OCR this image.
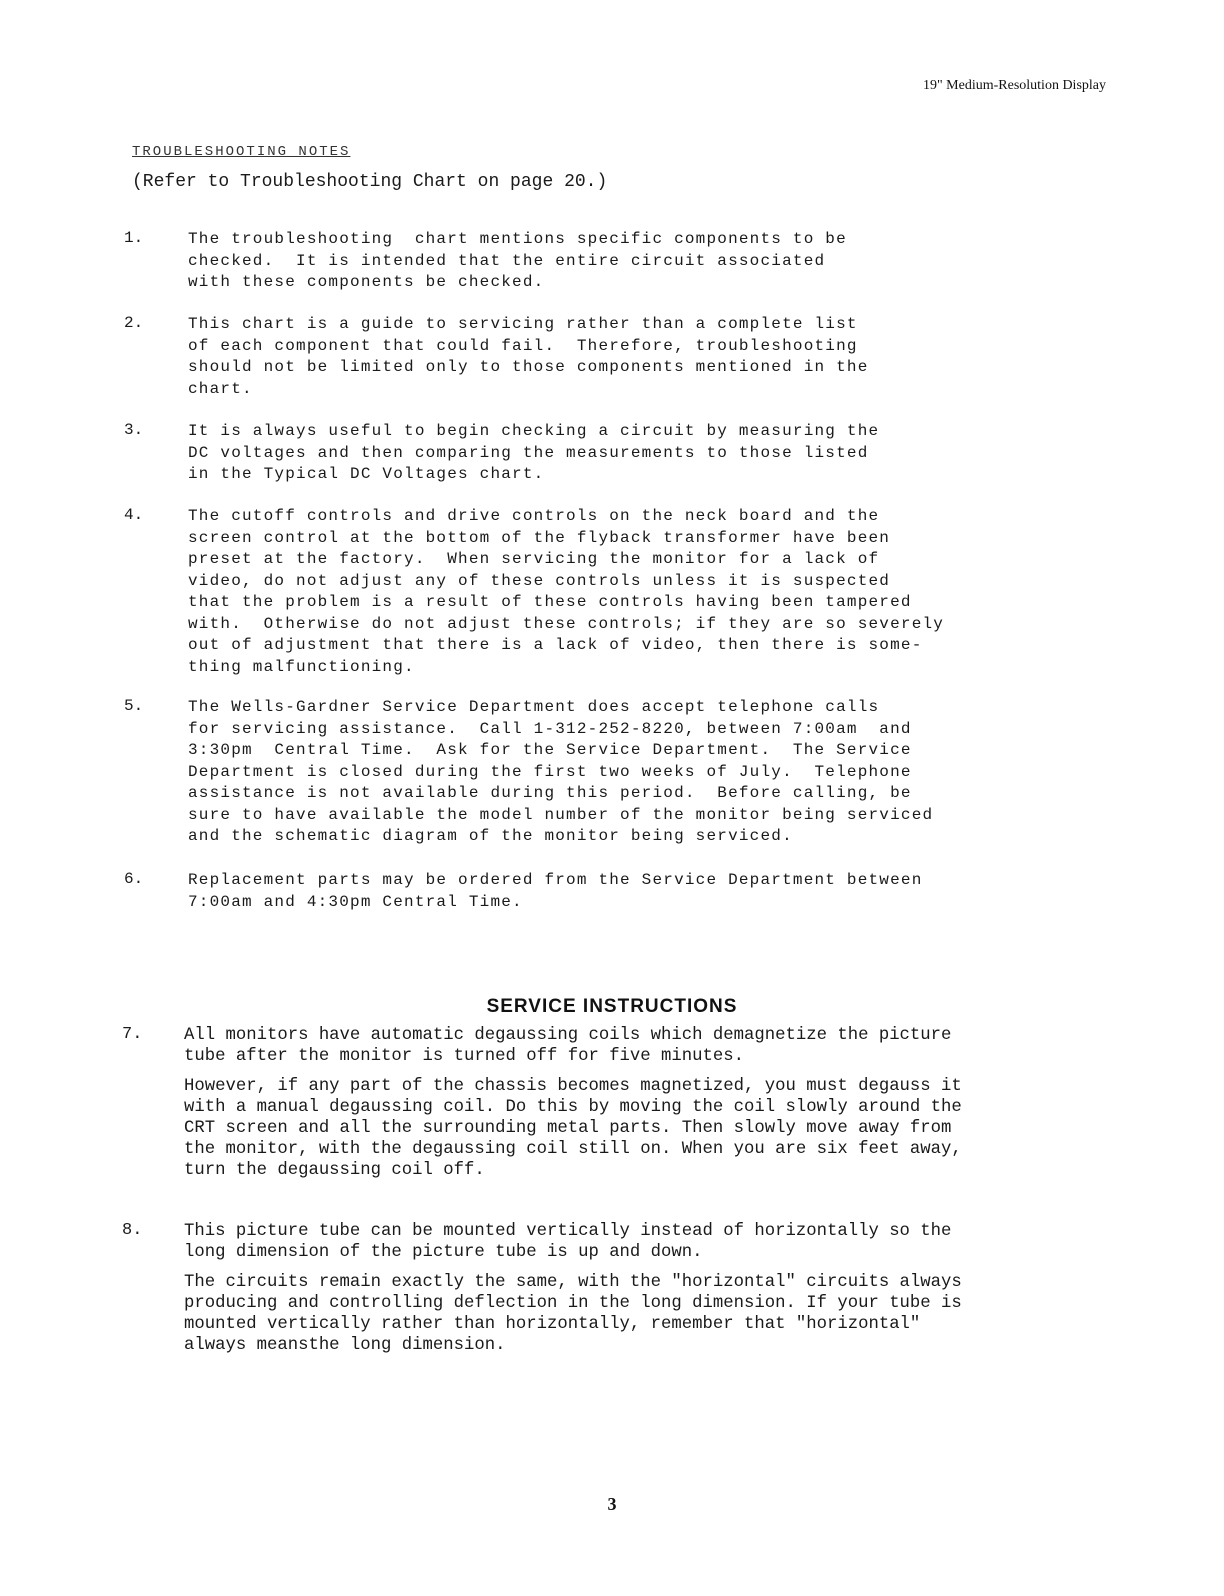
19" Medium-Resolution Display
TROUBLESHOOTING NOTES
(Refer to Troubleshooting Chart on page 20.)
1.	The troubleshooting  chart mentions specific components to be
checked.  It is intended that the entire circuit associated
with these components be checked.
2.	This chart is a guide to servicing rather than a complete list
of each component that could fail.  Therefore, troubleshooting
should not be limited only to those components mentioned in the
chart.
3.	It is always useful to begin checking a circuit by measuring the
DC voltages and then comparing the measurements to those listed
in the Typical DC Voltages chart.
4.	The cutoff controls and drive controls on the neck board and the
screen control at the bottom of the flyback transformer have been
preset at the factory.  When servicing the monitor for a lack of
video, do not adjust any of these controls unless it is suspected
that the problem is a result of these controls having been tampered
with.  Otherwise do not adjust these controls; if they are so severely
out of adjustment that there is a lack of video, then there is some-
thing malfunctioning.
5.	The Wells-Gardner Service Department does accept telephone calls
for servicing assistance.  Call 1-312-252-8220, between 7:00am  and
3:30pm  Central Time.  Ask for the Service Department.  The Service
Department is closed during the first two weeks of July.  Telephone
assistance is not available during this period.  Before calling, be
sure to have available the model number of the monitor being serviced
and the schematic diagram of the monitor being serviced.
6.	Replacement parts may be ordered from the Service Department between
7:00am and 4:30pm Central Time.
SERVICE INSTRUCTIONS
7. All monitors have automatic degaussing coils which demagnetize the picture
tube after the monitor is turned off for five minutes.
However, if any part of the chassis becomes magnetized, you must degauss it
with a manual degaussing coil. Do this by moving the coil slowly around the
CRT screen and all the surrounding metal parts. Then slowly move away from
the monitor, with the degaussing coil still on. When you are six feet away,
turn the degaussing coil off.
8. This picture tube can be mounted vertically instead of horizontally so the
long dimension of the picture tube is up and down.
The circuits remain exactly the same, with the "horizontal" circuits always
producing and controlling deflection in the long dimension. If your tube is
mounted vertically rather than horizontally, remember that "horizontal"
always meansthe long dimension.
3
